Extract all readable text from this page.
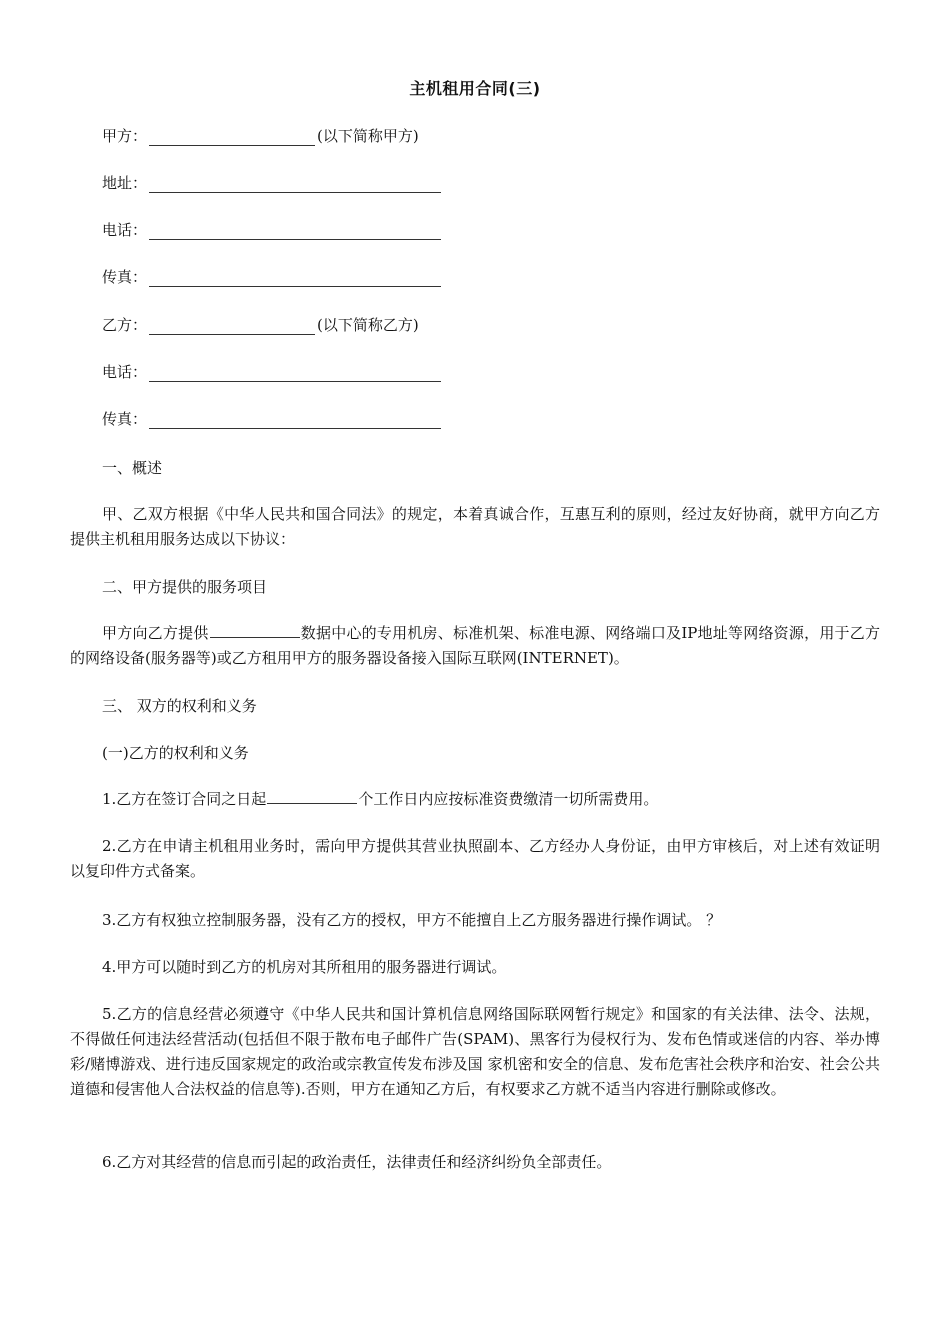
主机租用合同(三)
甲方：	(以下简称甲方)
地址：
电话：
传真：
乙方：	(以下简称乙方)
电话：
传真：
一、概述

甲、乙双方根据《中华人民共和国合同法》的规定，本着真诚合作，互惠互利的原则，经过友好协商，就甲方向乙方提供主机租用服务达成以下协议：

二、甲方提供的服务项目

甲方向乙方提供	数据中心的专用机房、标准机架、标准电源、网络端口及IP地址等网络资源，用于乙方的网络设备(服务器等)或乙方租用甲方的服务器设备接入国际互联网(INTERNET)。

三、 双方的权利和义务
(一)乙方的权利和义务

1.乙方在签订合同之日起	个工作日内应按标准资费缴清一切所需费用。

2.乙方在申请主机租用业务时，需向甲方提供其营业执照副本、乙方经办人身份证，由甲方审核后，对上述有效证明以复印件方式备案。

3.乙方有权独立控制服务器，没有乙方的授权，甲方不能擅自上乙方服务器进行操作调试。 ？

4.甲方可以随时到乙方的机房对其所租用的服务器进行调试。

5.乙方的信息经营必须遵守《中华人民共和国计算机信息网络国际联网暂行规定》和国家的有关法律、法令、法规，不得做任何违法经营活动(包括但不限于散布电子邮件广告(SPAM)、黑客行为侵权行为、发布色情或迷信的内容、举办博彩/赌博游戏、进行违反国家规定的政治或宗教宣传发布涉及国 家机密和安全的信息、发布危害社会秩序和治安、社会公共道德和侵害他人合法权益的信息等).否则，甲方在通知乙方后，有权要求乙方就不适当内容进行删除或修改。

6.乙方对其经营的信息而引起的政治责任，法律责任和经济纠纷负全部责任。
